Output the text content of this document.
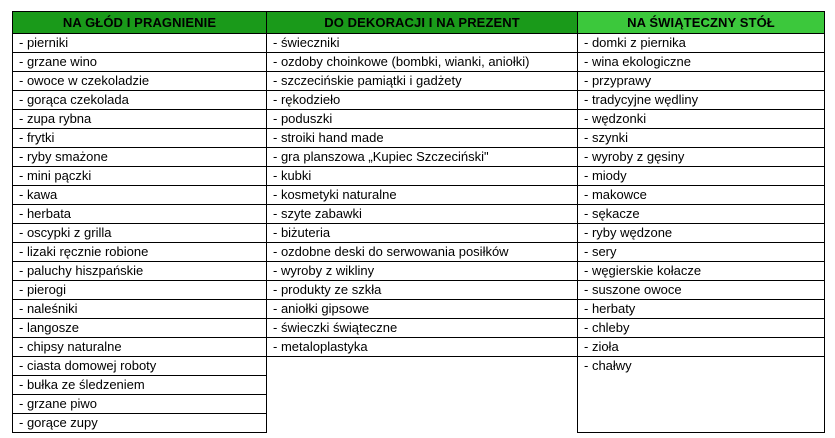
NA GŁÓD I PRAGNIENIE
- pierniki
- grzane wino
- owoce w czekoladzie
- gorąca czekolada
- zupa rybna
- frytki
- ryby smażone
- mini pączki
- kawa
- herbata
- oscypki z grilla
- lizaki ręcznie robione
- paluchy hiszpańskie
- pierogi
- naleśniki
- langosze
- chipsy naturalne
- ciasta domowej roboty
- bułka ze śledzeniem
- grzane piwo
- gorące zupy
DO DEKORACJI I NA PREZENT
- świeczniki
- ozdoby choinkowe (bombki, wianki, aniołki)
- szczecińskie pamiątki i gadżety
- rękodzieło
- poduszki
- stroiki hand made
- gra planszowa „Kupiec Szczeciński"
- kubki
- kosmetyki naturalne
- szyte zabawki
- biżuteria
- ozdobne deski do serwowania posiłków
- wyroby z wikliny
- produkty ze szkła
- aniołki gipsowe
- świeczki świąteczne
- metaloplastyka
NA ŚWIĄTECZNY STÓŁ
- domki z piernika
- wina ekologiczne
- przyprawy
- tradycyjne wędliny
- wędzonki
- szynki
- wyroby z gęsiny
- miody
- makowce
- sękacze
- ryby wędzone
- sery
- węgierskie kołacze
- suszone owoce
- herbaty
- chleby
- zioła
- chałwy
